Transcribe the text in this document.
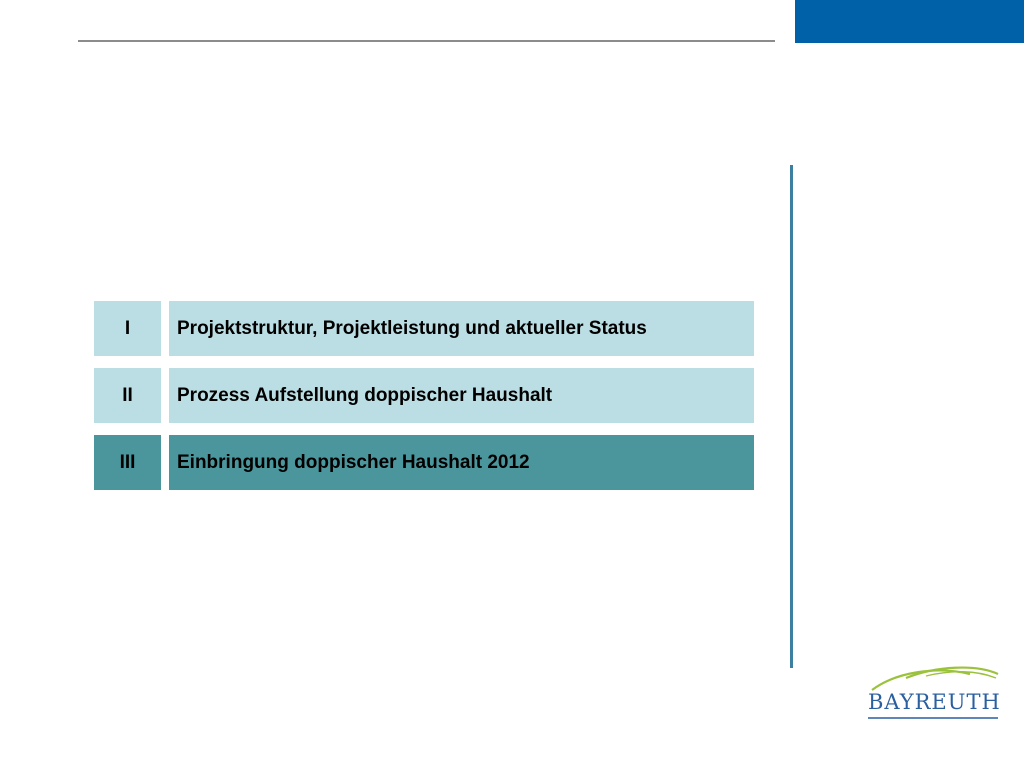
I	Projektstruktur, Projektleistung und aktueller Status
II	Prozess Aufstellung doppischer Haushalt
III	Einbringung doppischer Haushalt 2012
BAYREUTH
